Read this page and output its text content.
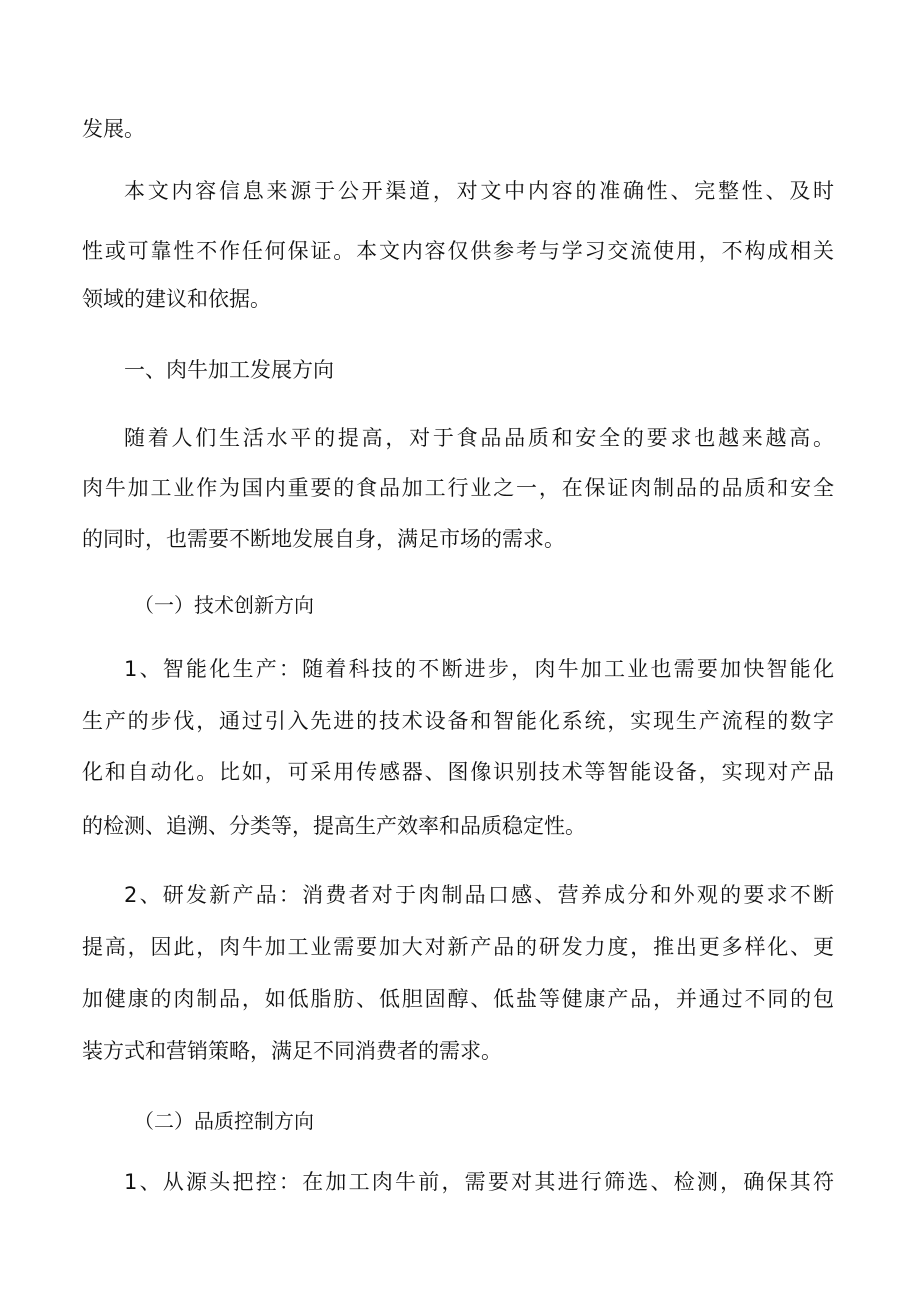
发展。

本文内容信息来源于公开渠道，对文中内容的准确性、完整性、及时

性或可靠性不作任何保证。本文内容仅供参考与学习交流使用，不构成相关

领域的建议和依据。

一、肉牛加工发展方向

随着人们生活水平的提高，对于食品品质和安全的要求也越来越高。

肉牛加工业作为国内重要的食品加工行业之一，在保证肉制品的品质和安全

的同时，也需要不断地发展自身，满足市场的需求。

（一）技术创新方向

1、智能化生产：随着科技的不断进步，肉牛加工业也需要加快智能化

生产的步伐，通过引入先进的技术设备和智能化系统，实现生产流程的数字

化和自动化。比如，可采用传感器、图像识别技术等智能设备，实现对产品

的检测、追溯、分类等，提高生产效率和品质稳定性。

2、研发新产品：消费者对于肉制品口感、营养成分和外观的要求不断

提高，因此，肉牛加工业需要加大对新产品的研发力度，推出更多样化、更

加健康的肉制品，如低脂肪、低胆固醇、低盐等健康产品，并通过不同的包

装方式和营销策略，满足不同消费者的需求。

（二）品质控制方向

1、从源头把控：在加工肉牛前，需要对其进行筛选、检测，确保其符
